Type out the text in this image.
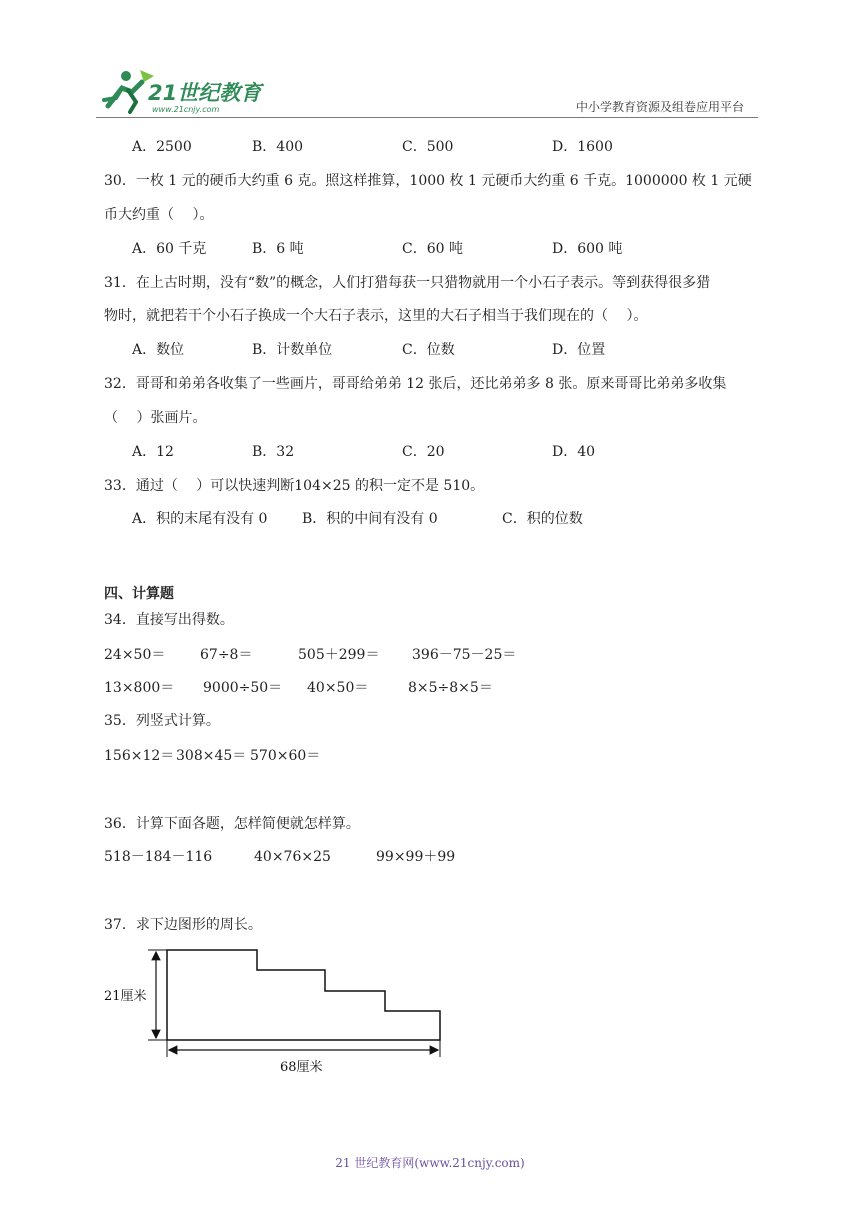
21世纪教育
www.21cnjy.com	中小学教育资源及组卷应用平台
A．2500	B．400	C．500	D．1600
30．一枚 1 元的硬币大约重 6 克。照这样推算，1000 枚 1 元硬币大约重 6 千克。1000000 枚 1 元硬
币大约重（　 ）。
A．60 千克	B．6 吨	C．60 吨	D．600 吨
31．在上古时期，没有“数”的概念，人们打猎每获一只猎物就用一个小石子表示。等到获得很多猎
物时，就把若干个小石子换成一个大石子表示，这里的大石子相当于我们现在的（　 ）。
A．数位	B．计数单位	C．位数	D．位置
32．哥哥和弟弟各收集了一些画片，哥哥给弟弟 12 张后，还比弟弟多 8 张。原来哥哥比弟弟多收集
（　 ）张画片。
A．12	B．32	C．20	D．40
33．通过（　 ）可以快速判断104×25 的积一定不是 510。
A．积的末尾有没有 0 B．积的中间有没有 0	C．积的位数
四、计算题
34．直接写出得数。
24×50＝ 67÷8＝	505＋299＝ 396－75－25＝
13×800＝ 9000÷50＝ 40×50＝	8×5÷8×5＝
35．列竖式计算。
156×12＝ 308×45＝ 570×60＝
36．计算下面各题，怎样简便就怎样算。
518－184－116	40×76×25	99×99＋99
37．求下边图形的周长。
21厘米
68厘米
21 世纪教育网(www.21cnjy.com)
